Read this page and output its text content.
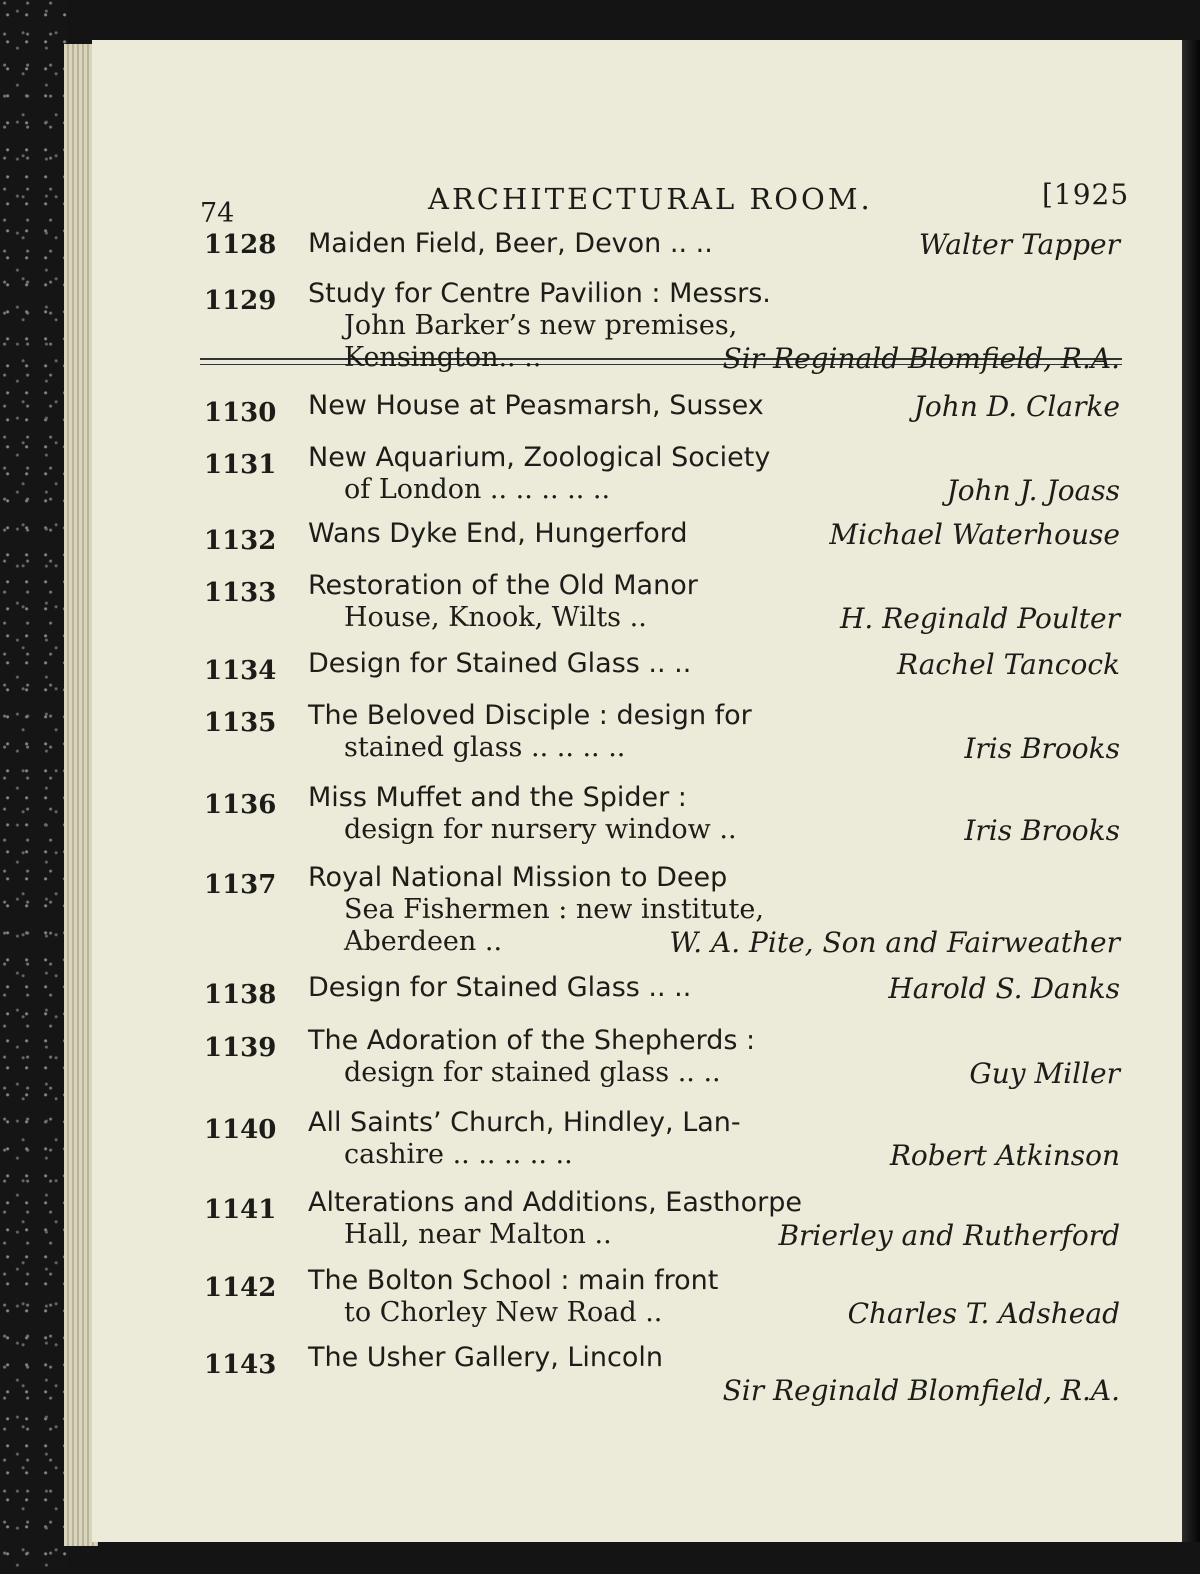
74	ARCHITECTURAL ROOM.	[1925
1128 Maiden Field, Beer, Devon .. ..	Walter Tapper
1129 Study for Centre Pavilion : Messrs.
John Barker’s new premises,
Kensington.. ..	Sir Reginald Blomfield, R.A.
1130 New House at Peasmarsh, Sussex	John D. Clarke
1131 New Aquarium, Zoological Society
of London .. .. .. .. ..	John J. Joass
1132 Wans Dyke End, Hungerford	Michael Waterhouse
1133 Restoration of the Old Manor
House, Knook, Wilts ..	H. Reginald Poulter
1134 Design for Stained Glass .. ..	Rachel Tancock
1135 The Beloved Disciple : design for
stained glass .. .. .. ..	Iris Brooks
1136 Miss Muffet and the Spider :
design for nursery window ..	Iris Brooks
1137 Royal National Mission to Deep
Sea Fishermen : new institute,
Aberdeen ..	W. A. Pite, Son and Fairweather
1138 Design for Stained Glass .. ..	Harold S. Danks
1139 The Adoration of the Shepherds :
design for stained glass .. ..	Guy Miller
1140 All Saints’ Church, Hindley, Lan-
cashire .. .. .. .. ..	Robert Atkinson
1141 Alterations and Additions, Easthorpe
Hall, near Malton ..	Brierley and Rutherford
1142 The Bolton School : main front
to Chorley New Road ..	Charles T. Adshead
1143 The Usher Gallery, Lincoln
Sir Reginald Blomfield, R.A.
